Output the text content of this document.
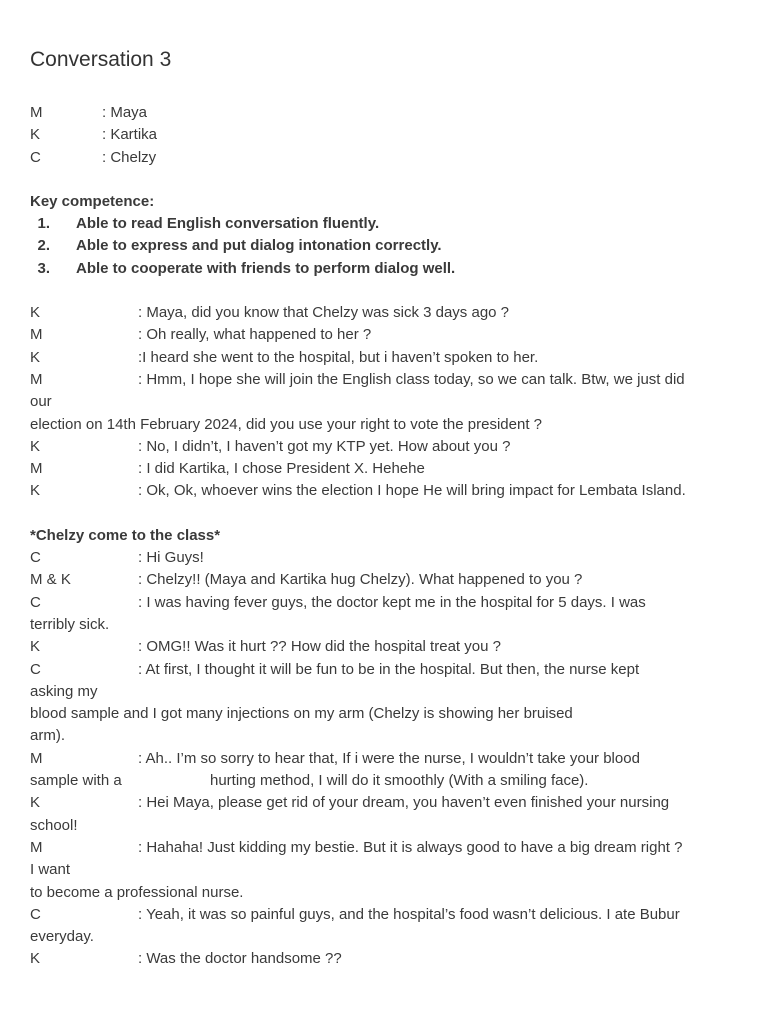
Conversation 3
M	: Maya
K	: Kartika
C	: Chelzy
Key competence:
1. Able to read English conversation fluently.
2. Able to express and put dialog intonation correctly.
3. Able to cooperate with friends to perform dialog well.
K	: Maya, did you know that Chelzy was sick 3 days ago ?
M	: Oh really, what happened to her ?
K	:I heard she went to the hospital, but i haven’t spoken to her.
M	: Hmm, I hope she will join the English class today, so we can talk. Btw, we just did
our
election on 14th February 2024, did you use your right to vote the president ?
K	: No, I didn’t, I haven’t got my KTP yet. How about you ?
M	: I did Kartika, I chose President X. Hehehe
K	: Ok, Ok, whoever wins the election I hope He will bring impact for Lembata Island.
*Chelzy come to the class*
C	: Hi Guys!
M & K	: Chelzy!! (Maya and Kartika hug Chelzy). What happened to you ?
C	: I was having fever guys, the doctor kept me in the hospital for 5 days. I was
terribly sick.
K	: OMG!! Was it hurt ?? How did the hospital treat you ?
C	: At first, I thought it will be fun to be in the hospital. But then, the nurse kept
asking my
blood sample and I got many injections on my arm (Chelzy is showing her bruised
arm).
M	: Ah.. I’m so sorry to hear that, If i were the nurse, I wouldn’t take your blood
sample with a	hurting method, I will do it smoothly (With a smiling face).
K	: Hei Maya, please get rid of your dream, you haven’t even finished your nursing
school!
M	: Hahaha! Just kidding my bestie. But it is always good to have a big dream right ?
I want
to become a professional nurse.
C	: Yeah, it was so painful guys, and the hospital’s food wasn’t delicious. I ate Bubur
everyday.
K	: Was the doctor handsome ??
